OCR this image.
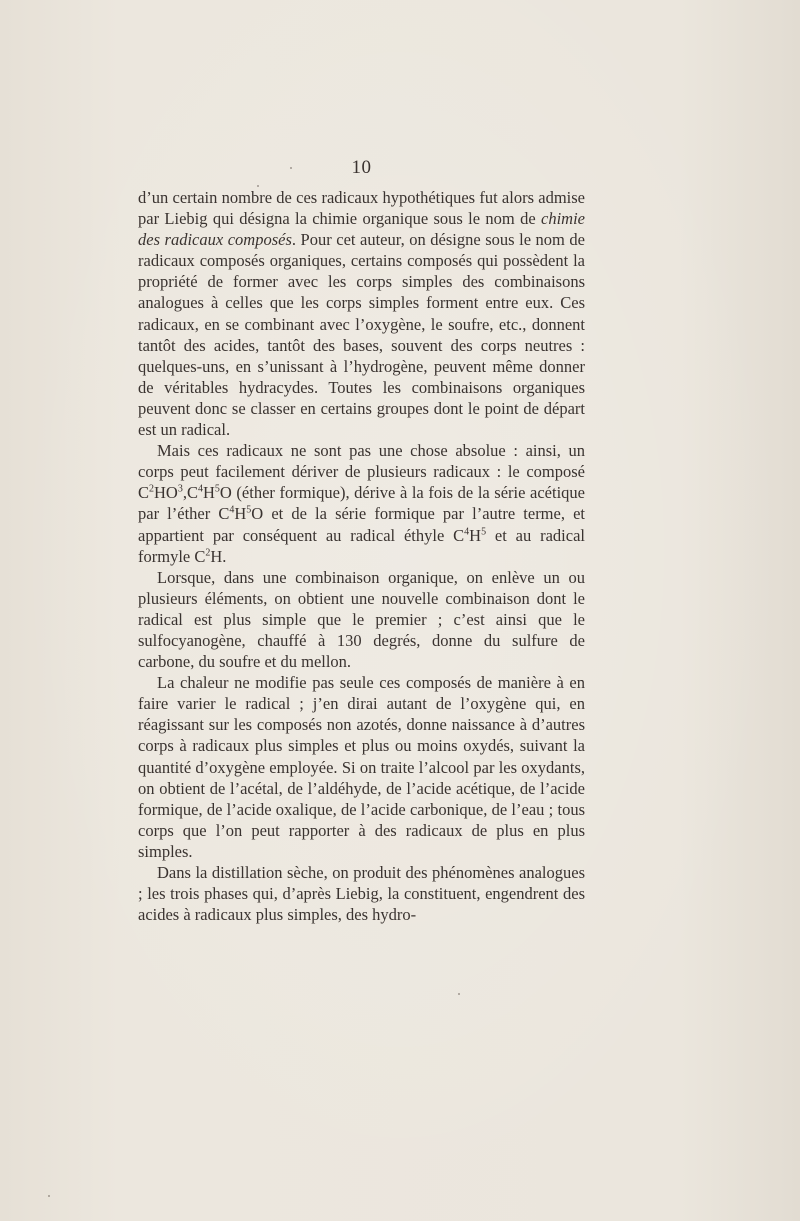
10

d’un certain nombre de ces radicaux hypothétiques fut alors admise par Liebig qui désigna la chimie organique sous le nom de chimie des radicaux composés. Pour cet auteur, on désigne sous le nom de radicaux composés organiques, certains composés qui possèdent la propriété de former avec les corps simples des combinaisons analogues à celles que les corps simples forment entre eux. Ces radicaux, en se combinant avec l’oxygène, le soufre, etc., donnent tantôt des acides, tantôt des bases, souvent des corps neutres : quelques-uns, en s’unissant à l’hydrogène, peuvent même donner de véritables hydracydes. Toutes les combinaisons organiques peuvent donc se classer en certains groupes dont le point de départ est un radical.

Mais ces radicaux ne sont pas une chose absolue : ainsi, un corps peut facilement dériver de plusieurs radicaux : le composé $C^2HO^3,C^4H^5O$ (éther formique), dérive à la fois de la série acétique par l’éther $C^4H^5O$ et de la série formique par l’autre terme, et appartient par conséquent au radical éthyle $C^4H^5$ et au radical formyle $C^2H$.

Lorsque, dans une combinaison organique, on enlève un ou plusieurs éléments, on obtient une nouvelle combinaison dont le radical est plus simple que le premier ; c’est ainsi que le sulfocyanogène, chauffé à 130 degrés, donne du sulfure de carbone, du soufre et du mellon.

La chaleur ne modifie pas seule ces composés de manière à en faire varier le radical ; j’en dirai autant de l’oxygène qui, en réagissant sur les composés non azotés, donne naissance à d’autres corps à radicaux plus simples et plus ou moins oxydés, suivant la quantité d’oxygène employée. Si on traite l’alcool par les oxydants, on obtient de l’acétal, de l’aldéhyde, de l’acide acétique, de l’acide formique, de l’acide oxalique, de l’acide carbonique, de l’eau ; tous corps que l’on peut rapporter à des radicaux de plus en plus simples.

Dans la distillation sèche, on produit des phénomènes analogues ; les trois phases qui, d’après Liebig, la constituent, engendrent des acides à radicaux plus simples, des hydro-
